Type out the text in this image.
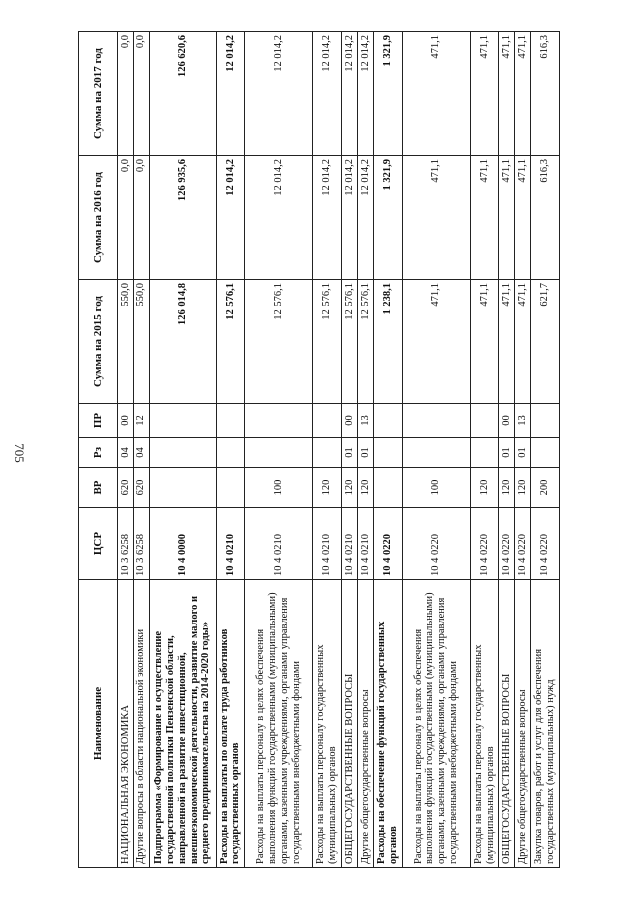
705
Наименование	ЦСР	ВР	Рз	ПР	Сумма на 2015 год	Сумма на 2016 год	Сумма на 2017 год
НАЦИОНАЛЬНАЯ ЭКОНОМИКА	10 3 6258	620	04	00	550,0	0,0	0,0
Другие вопросы в области национальной экономики	10 3 6258	620	04	12	550,0	0,0	0,0
Подпрограмма «Формирование и осуществление государственной политики Пензенской области, направленной на развитие инвестиционной, внешнеэкономической деятельности, развитие малого и среднего предпринимательства на 2014-2020 годы»	10 4 0000				126 014,8	126 935,6	126 620,6
Расходы на выплаты по оплате труда работников государственных органов	10 4 0210				12 576,1	12 014,2	12 014,2
Расходы на выплаты персоналу в целях обеспечения выполнения функций государственными (муниципальными) органами, казенными учреждениями, органами управления государственными внебюджетными фондами	10 4 0210	100			12 576,1	12 014,2	12 014,2
Расходы на выплаты персоналу государственных (муниципальных) органов	10 4 0210	120			12 576,1	12 014,2	12 014,2
ОБЩЕГОСУДАРСТВЕННЫЕ ВОПРОСЫ	10 4 0210	120	01	00	12 576,1	12 014,2	12 014,2
Другие общегосударственные вопросы	10 4 0210	120	01	13	12 576,1	12 014,2	12 014,2
Расходы на обеспечение функций государственных органов	10 4 0220				1 238,1	1 321,9	1 321,9
Расходы на выплаты персоналу в целях обеспечения выполнения функций государственными (муниципальными) органами, казенными учреждениями, органами управления государственными внебюджетными фондами	10 4 0220	100			471,1	471,1	471,1
Расходы на выплаты персоналу государственных (муниципальных) органов	10 4 0220	120			471,1	471,1	471,1
ОБЩЕГОСУДАРСТВЕННЫЕ ВОПРОСЫ	10 4 0220	120	01	00	471,1	471,1	471,1
Другие общегосударственные вопросы	10 4 0220	120	01	13	471,1	471,1	471,1
Закупка товаров, работ и услуг для обеспечения государственных (муниципальных) нужд	10 4 0220	200			621,7	616,3	616,3
